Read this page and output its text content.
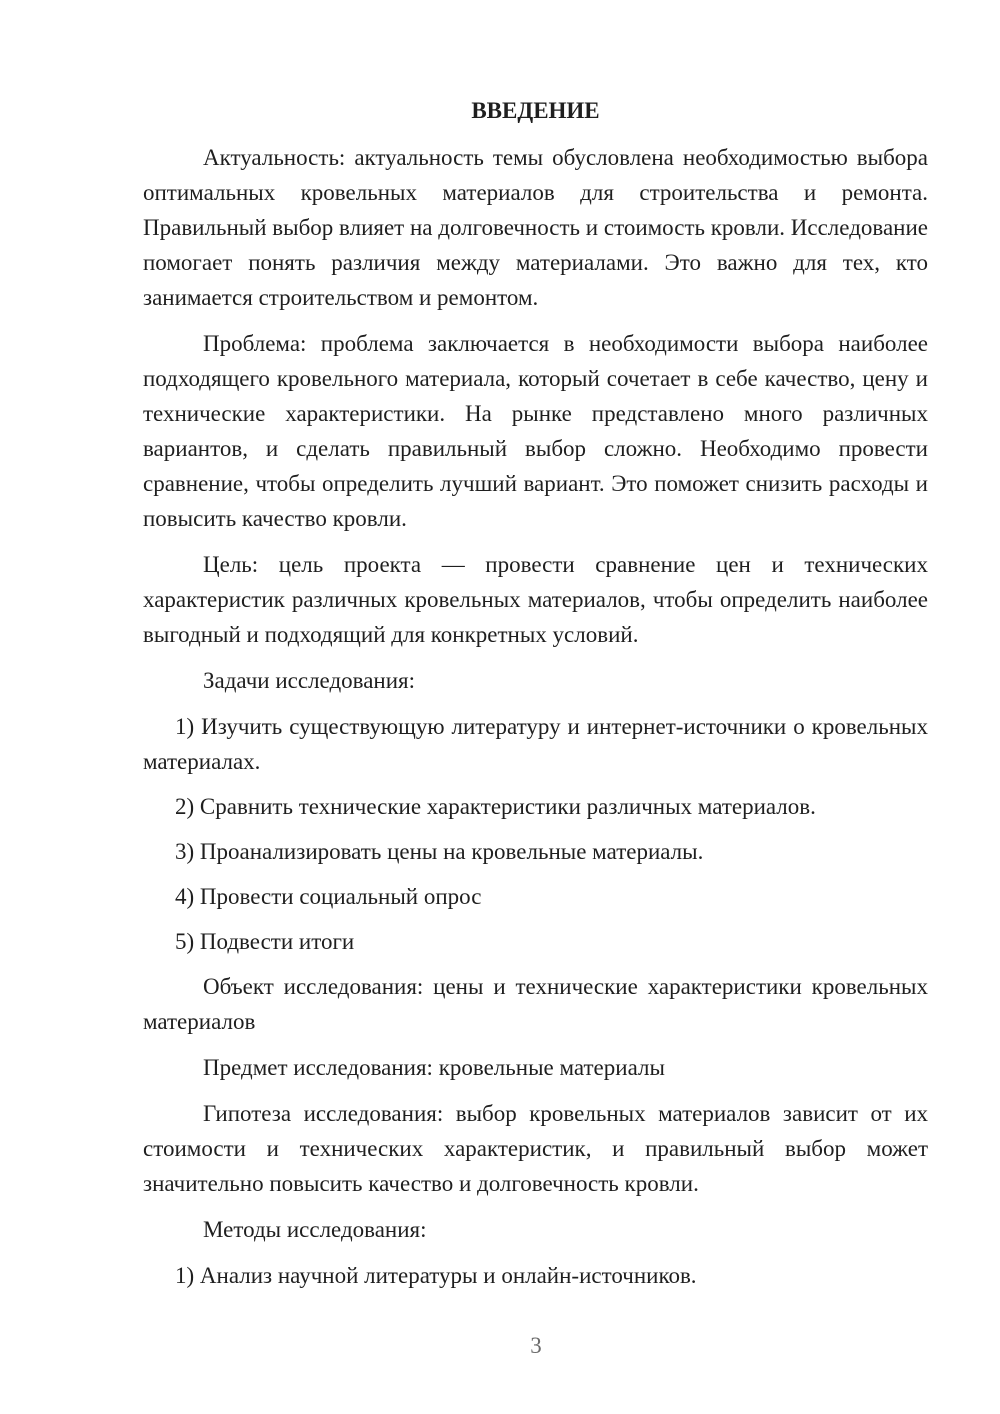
ВВЕДЕНИЕ

Актуальность: актуальность темы обусловлена необходимостью выбора оптимальных кровельных материалов для строительства и ремонта. Правильный выбор влияет на долговечность и стоимость кровли. Исследование помогает понять различия между материалами. Это важно для тех, кто занимается строительством и ремонтом.

Проблема: проблема заключается в необходимости выбора наиболее подходящего кровельного материала, который сочетает в себе качество, цену и технические характеристики. На рынке представлено много различных вариантов, и сделать правильный выбор сложно. Необходимо провести сравнение, чтобы определить лучший вариант. Это поможет снизить расходы и повысить качество кровли.

Цель: цель проекта — провести сравнение цен и технических характеристик различных кровельных материалов, чтобы определить наиболее выгодный и подходящий для конкретных условий.

Задачи исследования:

1) Изучить существующую литературу и интернет-источники о кровельных материалах.

2) Сравнить технические характеристики различных материалов.

3) Проанализировать цены на кровельные материалы.

4) Провести социальный опрос

5) Подвести итоги

Объект исследования: цены и технические характеристики кровельных материалов

Предмет исследования: кровельные материалы

Гипотеза исследования: выбор кровельных материалов зависит от их стоимости и технических характеристик, и правильный выбор может значительно повысить качество и долговечность кровли.

Методы исследования:

1) Анализ научной литературы и онлайн-источников.

3
